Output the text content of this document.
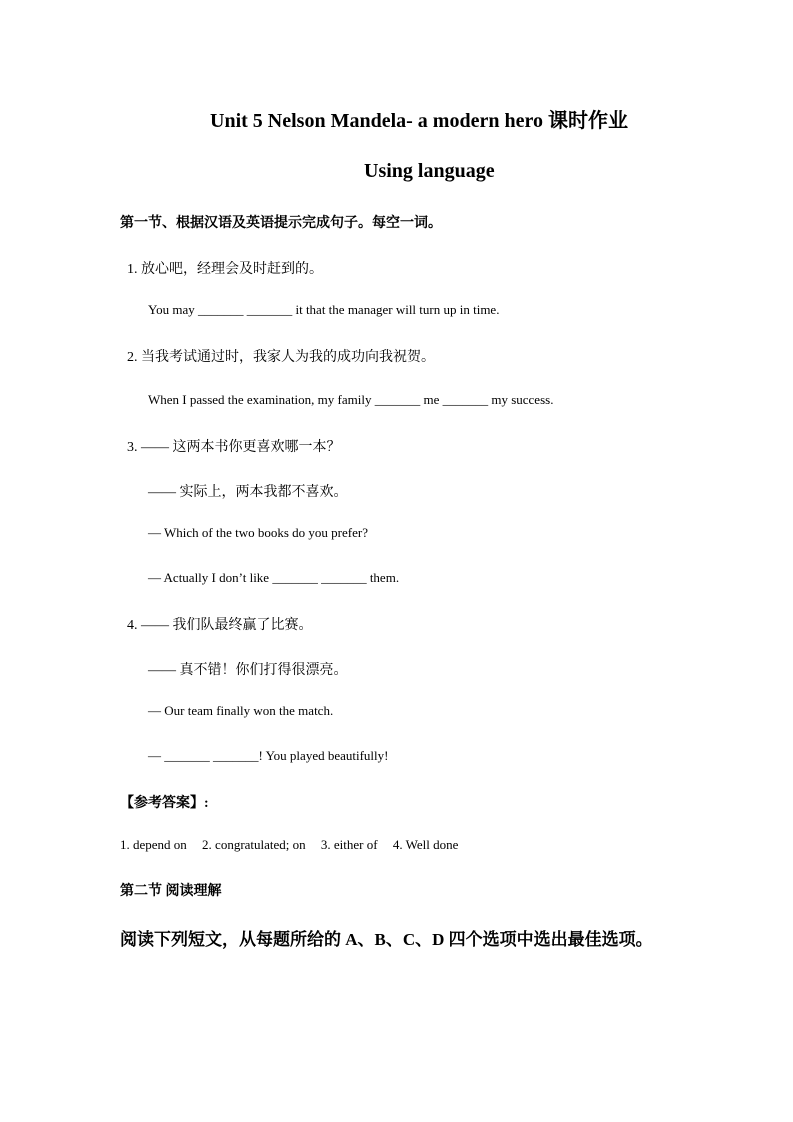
Unit 5 Nelson Mandela- a modern hero 课时作业
Using language
第一节、根据汉语及英语提示完成句子。每空一词。
1. 放心吧，经理会及时赶到的。
You may _______ _______ it that the manager will turn up in time.
2. 当我考试通过时，我家人为我的成功向我祝贺。
When I passed the examination, my family _______ me _______ my success.
3. —— 这两本书你更喜欢哪一本？
—— 实际上，两本我都不喜欢。
— Which of the two books do you prefer?
— Actually I don’t like _______ _______ them.
4. —— 我们队最终赢了比赛。
—— 真不错！你们打得很漂亮。
— Our team finally won the match.
— _______ _______! You played beautifully!
【参考答案】:
1. depend on 2. congratulated; on 3. either of 4. Well done
第二节 阅读理解
阅读下列短文，从每题所给的 A、B、C、D 四个选项中选出最佳选项。
